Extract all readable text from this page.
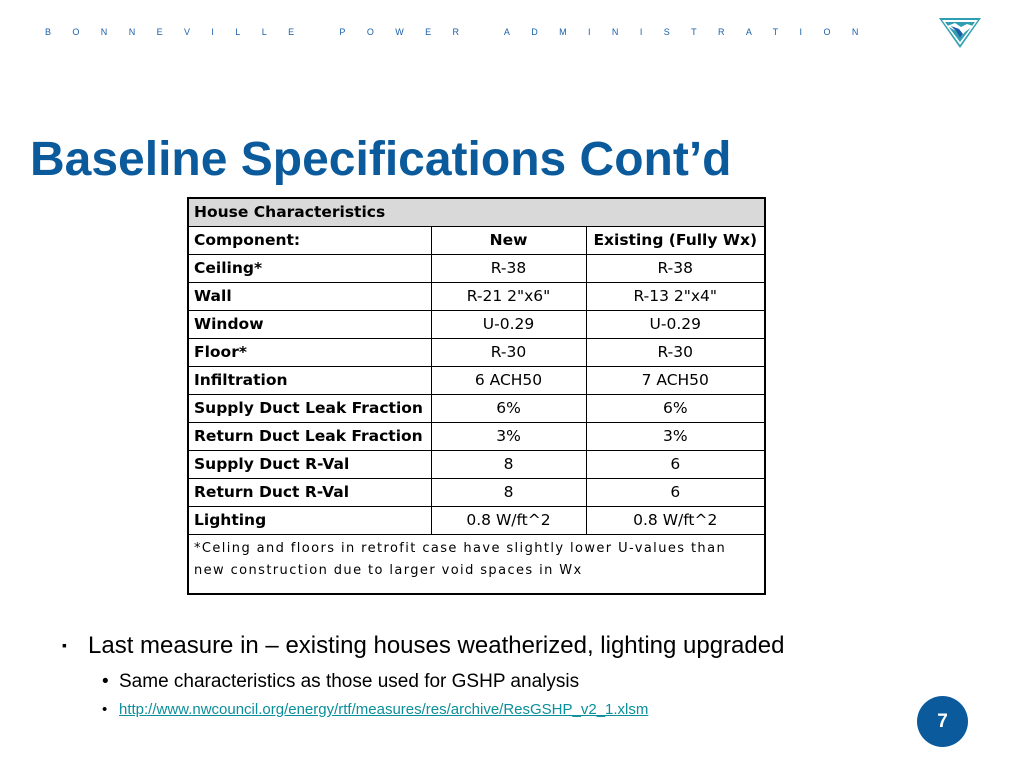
BONNEVILLE POWER ADMINISTRATION
Baseline Specifications Cont’d
House Characteristics		
Component:	New	Existing (Fully Wx)
Ceiling*	R-38	R-38
Wall	R-21 2"x6"	R-13 2"x4"
Window	U-0.29	U-0.29
Floor*	R-30	R-30
Infiltration	6 ACH50	7 ACH50
Supply Duct Leak Fraction	6%	6%
Return Duct Leak Fraction	3%	3%
Supply Duct R-Val	8	6
Return Duct R-Val	8	6
Lighting	0.8 W/ft^2	0.8 W/ft^2
*Celing and floors in retrofit case have slightly lower U-values than new construction due to larger void spaces in Wx		
▪ Last measure in – existing houses weatherized, lighting upgraded
• Same characteristics as those used for GSHP analysis
• http://www.nwcouncil.org/energy/rtf/measures/res/archive/ResGSHP_v2_1.xlsm
7
